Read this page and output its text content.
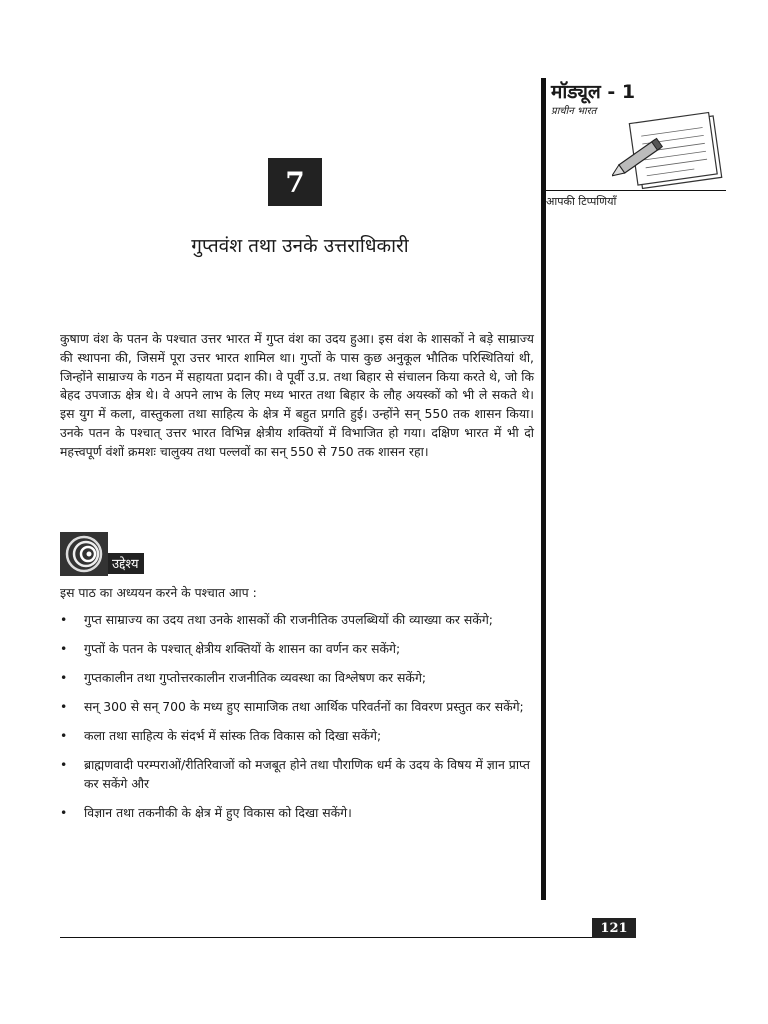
मॉड्यूल - 1
प्राचीन भारत
आपकी टिप्पणियाँ
7
गुप्तवंश तथा उनके उत्तराधिकारी

कुषाण वंश के पतन के पश्चात उत्तर भारत में गुप्त वंश का उदय हुआ। इस वंश के शासकों ने बड़े साम्राज्य की स्थापना की, जिसमें पूरा उत्तर भारत शामिल था। गुप्तों के पास कुछ अनुकूल भौतिक परिस्थितियां थी, जिन्होंने साम्राज्य के गठन में सहायता प्रदान की। वे पूर्वी उ.प्र. तथा बिहार से संचालन किया करते थे, जो कि बेहद उपजाऊ क्षेत्र थे। वे अपने लाभ के लिए मध्य भारत तथा बिहार के लौह अयस्कों को भी ले सकते थे। इस युग में कला, वास्तुकला तथा साहित्य के क्षेत्र में बहुत प्रगति हुई। उन्होंने सन् 550 तक शासन किया। उनके पतन के पश्चात् उत्तर भारत विभिन्न क्षेत्रीय शक्तियों में विभाजित हो गया। दक्षिण भारत में भी दो महत्त्वपूर्ण वंशों क्रमशः चालुक्य तथा पल्लवों का सन् 550 से 750 तक शासन रहा।

उद्देश्य
इस पाठ का अध्ययन करने के पश्चात आप :
• गुप्त साम्राज्य का उदय तथा उनके शासकों की राजनीतिक उपलब्धियों की व्याख्या कर सकेंगे;
• गुप्तों के पतन के पश्चात् क्षेत्रीय शक्तियों के शासन का वर्णन कर सकेंगे;
• गुप्तकालीन तथा गुप्तोत्तरकालीन राजनीतिक व्यवस्था का विश्लेषण कर सकेंगे;
• सन् 300 से सन् 700 के मध्य हुए सामाजिक तथा आर्थिक परिवर्तनों का विवरण प्रस्तुत कर सकेंगे;
• कला तथा साहित्य के संदर्भ में सांस्क तिक विकास को दिखा सकेंगे;
• ब्राह्मणवादी परम्पराओं/रीतिरिवाजों को मजबूत होने तथा पौराणिक धर्म के उदय के विषय में ज्ञान प्राप्त कर सकेंगे और
• विज्ञान तथा तकनीकी के क्षेत्र में हुए विकास को दिखा सकेंगे।
121
